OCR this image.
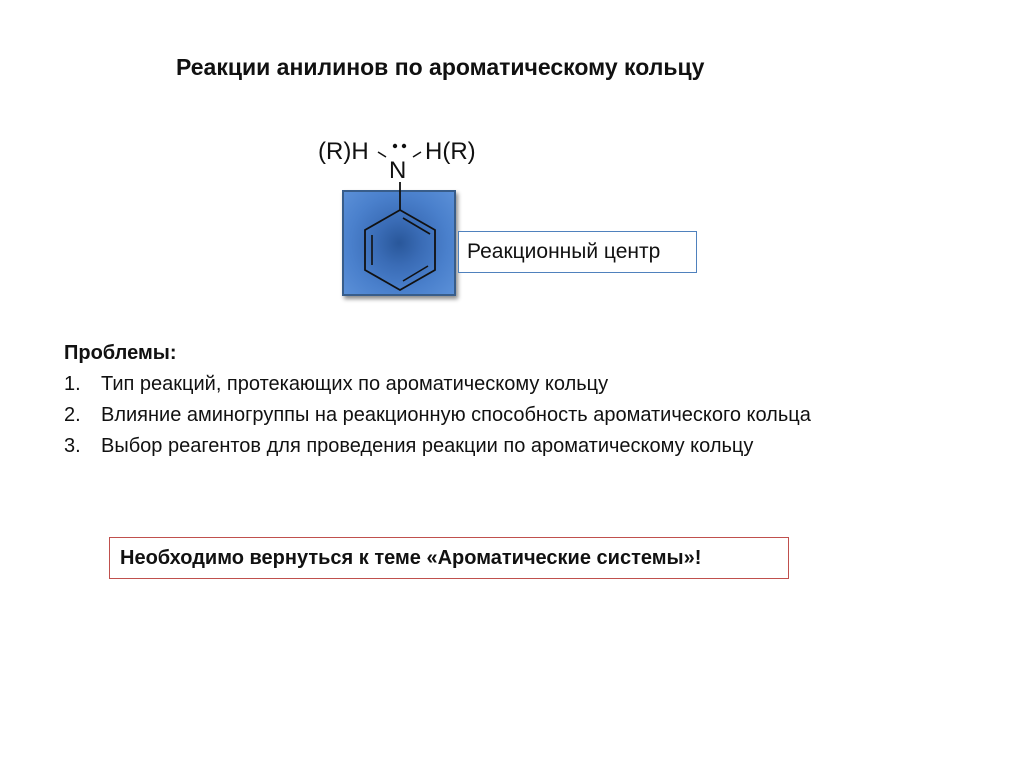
Реакции анилинов по ароматическому кольцу
(R)H H(R)
N
Реакционный центр
Проблемы:
1. Тип реакций, протекающих по ароматическому кольцу
2. Влияние аминогруппы на реакционную способность ароматического кольца
3. Выбор реагентов для проведения реакции по ароматическому кольцу
Необходимо вернуться к теме «Ароматические системы»!
